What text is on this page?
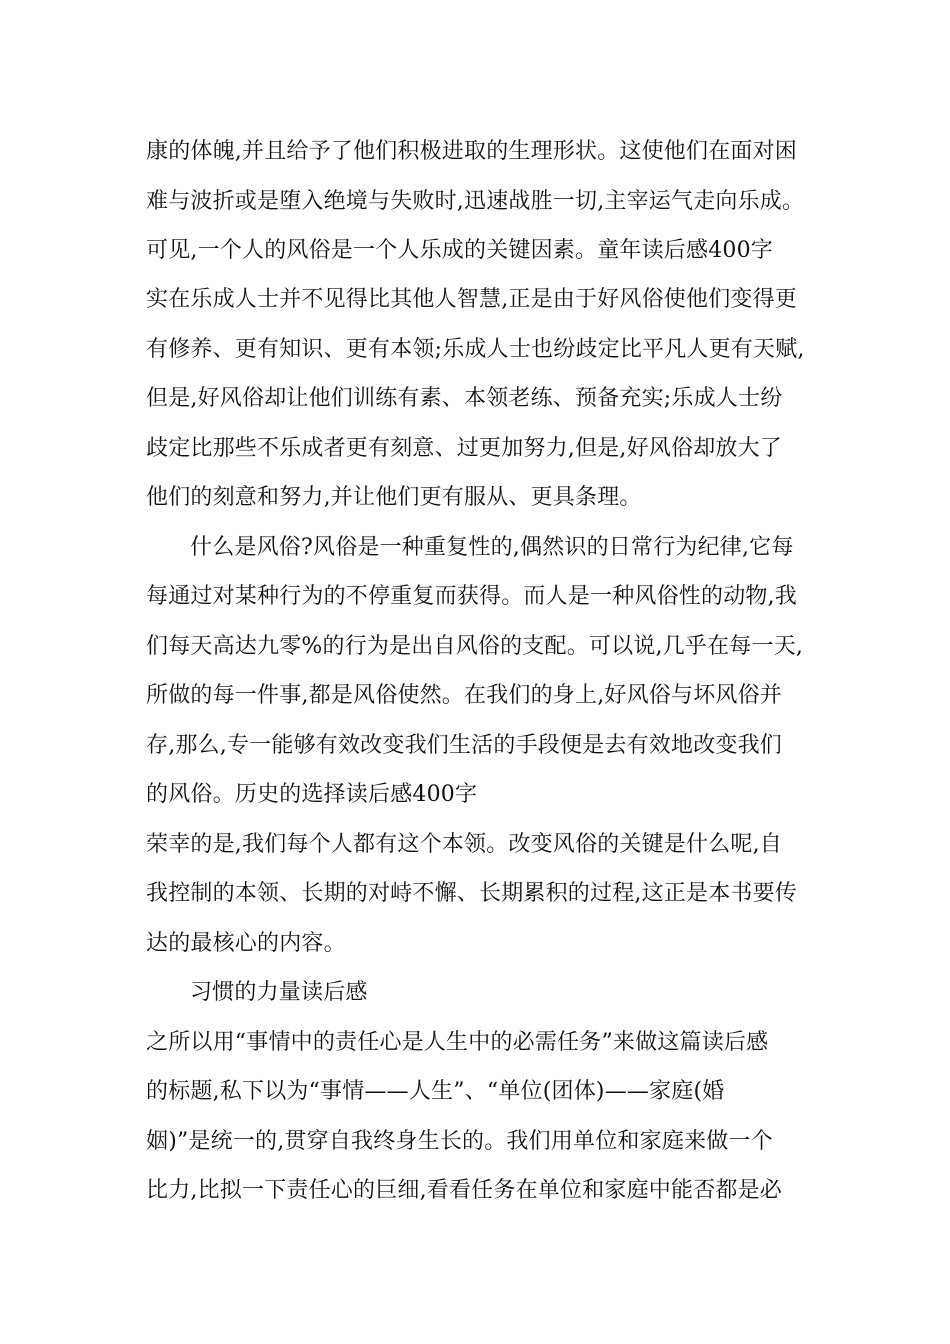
康的体魄,并且给予了他们积极进取的生理形状。这使他们在面对困
难与波折或是堕入绝境与失败时,迅速战胜一切,主宰运气走向乐成。
可见,一个人的风俗是一个人乐成的关键因素。童年读后感400字
实在乐成人士并不见得比其他人智慧,正是由于好风俗使他们变得更
有修养、更有知识、更有本领;乐成人士也纷歧定比平凡人更有天赋,
但是,好风俗却让他们训练有素、本领老练、预备充实;乐成人士纷
歧定比那些不乐成者更有刻意、过更加努力,但是,好风俗却放大了
他们的刻意和努力,并让他们更有服从、更具条理。
什么是风俗?风俗是一种重复性的,偶然识的日常行为纪律,它每
每通过对某种行为的不停重复而获得。而人是一种风俗性的动物,我
们每天高达九零%的行为是出自风俗的支配。可以说,几乎在每一天,
所做的每一件事,都是风俗使然。在我们的身上,好风俗与坏风俗并
存,那么,专一能够有效改变我们生活的手段便是去有效地改变我们
的风俗。历史的选择读后感400字
荣幸的是,我们每个人都有这个本领。改变风俗的关键是什么呢,自
我控制的本领、长期的对峙不懈、长期累积的过程,这正是本书要传
达的最核心的内容。
习惯的力量读后感
之所以用“事情中的责任心是人生中的必需任务”来做这篇读后感
的标题,私下以为“事情——人生”、“单位(团体)——家庭(婚
姻)”是统一的,贯穿自我终身生长的。我们用单位和家庭来做一个
比力,比拟一下责任心的巨细,看看任务在单位和家庭中能否都是必
